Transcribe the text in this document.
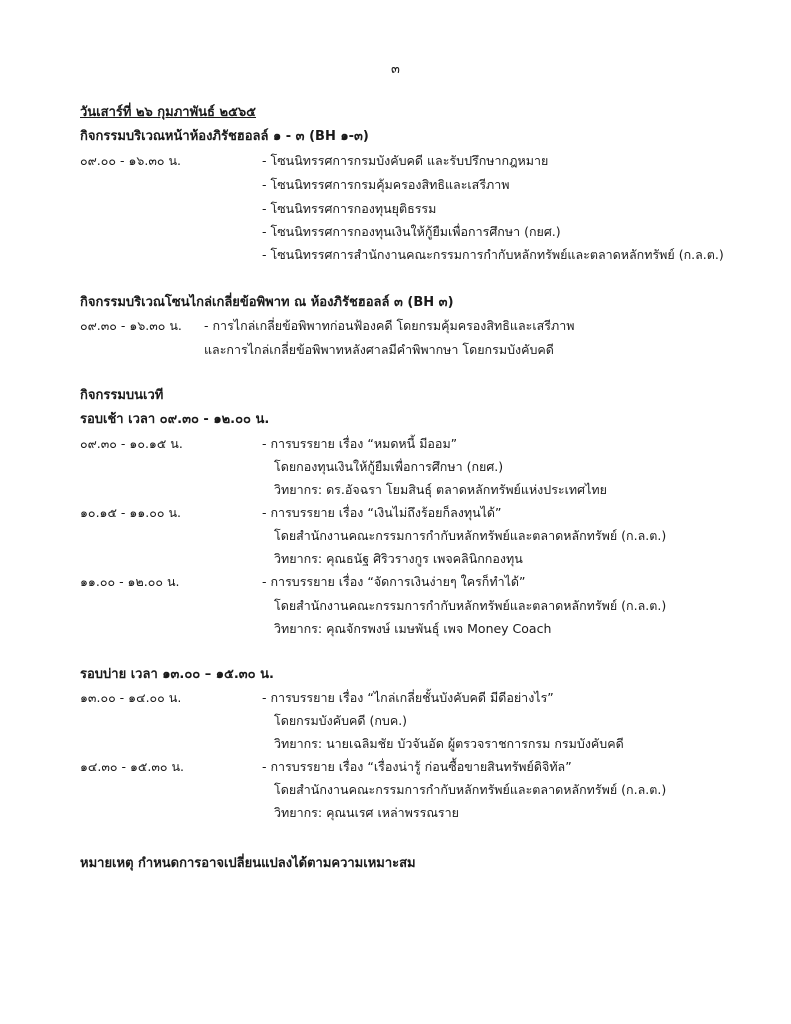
๓
วันเสาร์ที่ ๒๖ กุมภาพันธ์ ๒๕๖๕
กิจกรรมบริเวณหน้าห้องภิรัชฮอลล์ ๑ - ๓ (BH ๑-๓)
๐๙.๐๐ - ๑๖.๓๐ น.	- โซนนิทรรศการกรมบังคับคดี และรับปรึกษากฎหมาย
- โซนนิทรรศการกรมคุ้มครองสิทธิและเสรีภาพ
- โซนนิทรรศการกองทุนยุติธรรม
- โซนนิทรรศการกองทุนเงินให้กู้ยืมเพื่อการศึกษา (กยศ.)
- โซนนิทรรศการสำนักงานคณะกรรมการกำกับหลักทรัพย์และตลาดหลักทรัพย์ (ก.ล.ต.)
กิจกรรมบริเวณโซนไกล่เกลี่ยข้อพิพาท ณ ห้องภิรัชฮอลล์ ๓ (BH ๓)
๐๙.๓๐ - ๑๖.๓๐ น. - การไกล่เกลี่ยข้อพิพาทก่อนฟ้องคดี โดยกรมคุ้มครองสิทธิและเสรีภาพ
และการไกล่เกลี่ยข้อพิพาทหลังศาลมีคำพิพากษา โดยกรมบังคับคดี
กิจกรรมบนเวที
รอบเช้า เวลา ๐๙.๓๐ - ๑๒.๐๐ น.
๐๙.๓๐ - ๑๐.๑๕ น.	- การบรรยาย เรื่อง “หมดหนี้ มีออม”
โดยกองทุนเงินให้กู้ยืมเพื่อการศึกษา (กยศ.)
วิทยากร: ดร.อัจฉรา โยมสินธุ์ ตลาดหลักทรัพย์แห่งประเทศไทย
๑๐.๑๕ - ๑๑.๐๐ น.	- การบรรยาย เรื่อง “เงินไม่ถึงร้อยก็ลงทุนได้”
โดยสำนักงานคณะกรรมการกำกับหลักทรัพย์และตลาดหลักทรัพย์ (ก.ล.ต.)
วิทยากร: คุณธนัฐ ศิริวรางกูร เพจคลินิกกองทุน
๑๑.๐๐ - ๑๒.๐๐ น.	- การบรรยาย เรื่อง “จัดการเงินง่ายๆ ใครก็ทำได้”
โดยสำนักงานคณะกรรมการกำกับหลักทรัพย์และตลาดหลักทรัพย์ (ก.ล.ต.)
วิทยากร: คุณจักรพงษ์ เมษพันธุ์ เพจ Money Coach
รอบบ่าย เวลา ๑๓.๐๐ – ๑๕.๓๐ น.
๑๓.๐๐ - ๑๔.๐๐ น.	- การบรรยาย เรื่อง “ไกล่เกลี่ยชั้นบังคับคดี มีดีอย่างไร”
โดยกรมบังคับคดี (กบค.)
วิทยากร: นายเฉลิมชัย บัวจันอัด ผู้ตรวจราชการกรม กรมบังคับคดี
๑๔.๓๐ - ๑๕.๓๐ น.	- การบรรยาย เรื่อง “เรื่องน่ารู้ ก่อนซื้อขายสินทรัพย์ดิจิทัล”
โดยสำนักงานคณะกรรมการกำกับหลักทรัพย์และตลาดหลักทรัพย์ (ก.ล.ต.)
วิทยากร: คุณนเรศ เหล่าพรรณราย
หมายเหตุ กำหนดการอาจเปลี่ยนแปลงได้ตามความเหมาะสม
